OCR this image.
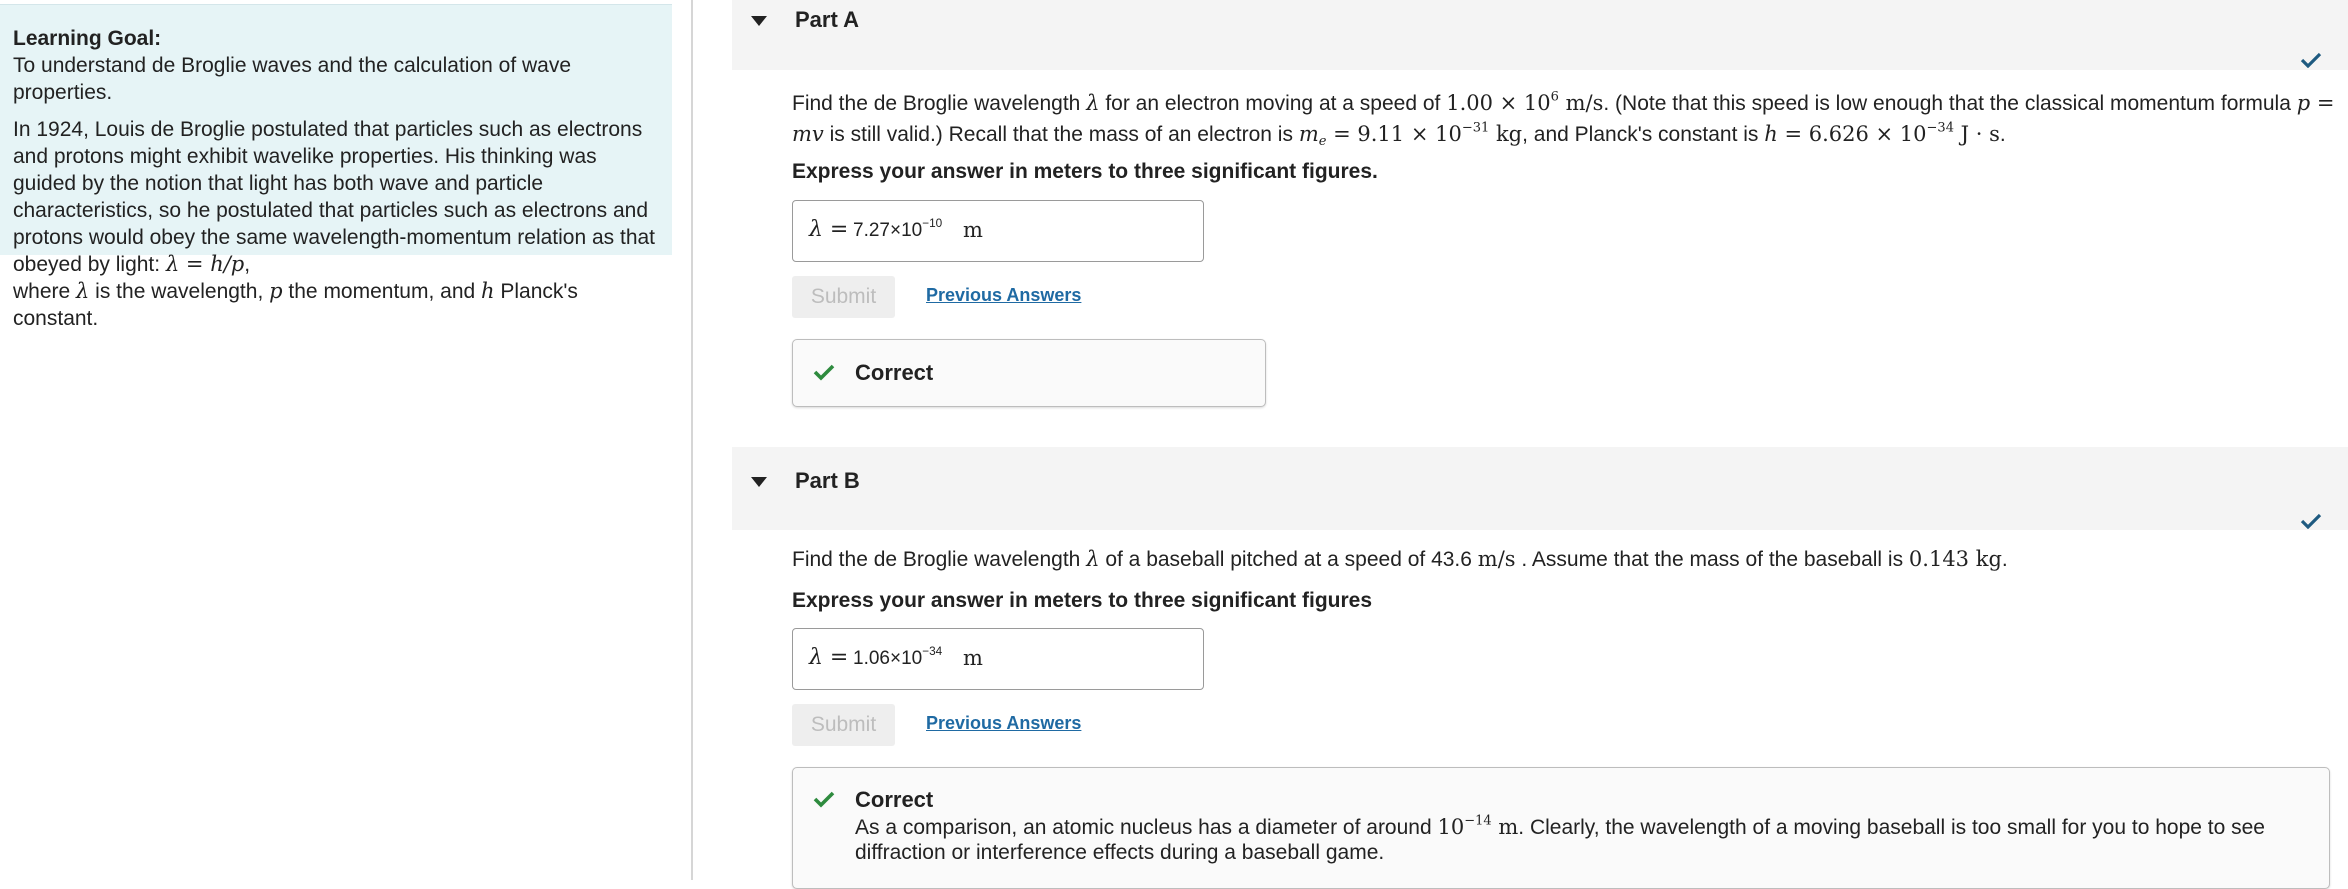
Learning Goal:
To understand de Broglie waves and the calculation of wave properties.
In 1924, Louis de Broglie postulated that particles such as electrons and protons might exhibit wavelike properties. His thinking was guided by the notion that light has both wave and particle characteristics, so he postulated that particles such as electrons and protons would obey the same wavelength-momentum relation as that obeyed by light: λ = h/p,
where λ is the wavelength, p the momentum, and h Planck's constant.
Part A
Find the de Broglie wavelength λ for an electron moving at a speed of $1.00 \times 10^6$ m/s. (Note that this speed is low enough that the classical momentum formula p = mv is still valid.) Recall that the mass of an electron is $m_e = 9.11 \times 10^{-31}$ kg, and Planck's constant is $h = 6.626 \times 10^{-34}$ J · s.
Express your answer in meters to three significant figures.
$\lambda = 7.27\times 10^{-10}$ m
Submit	Previous Answers
Correct
Part B
Find the de Broglie wavelength λ of a baseball pitched at a speed of 43.6 m/s . Assume that the mass of the baseball is 0.143 kg.
Express your answer in meters to three significant figures
$\lambda = 1.06\times 10^{-34}$ m
Submit	Previous Answers
Correct
As a comparison, an atomic nucleus has a diameter of around $10^{-14}$ m. Clearly, the wavelength of a moving baseball is too small for you to hope to see diffraction or interference effects during a baseball game.
